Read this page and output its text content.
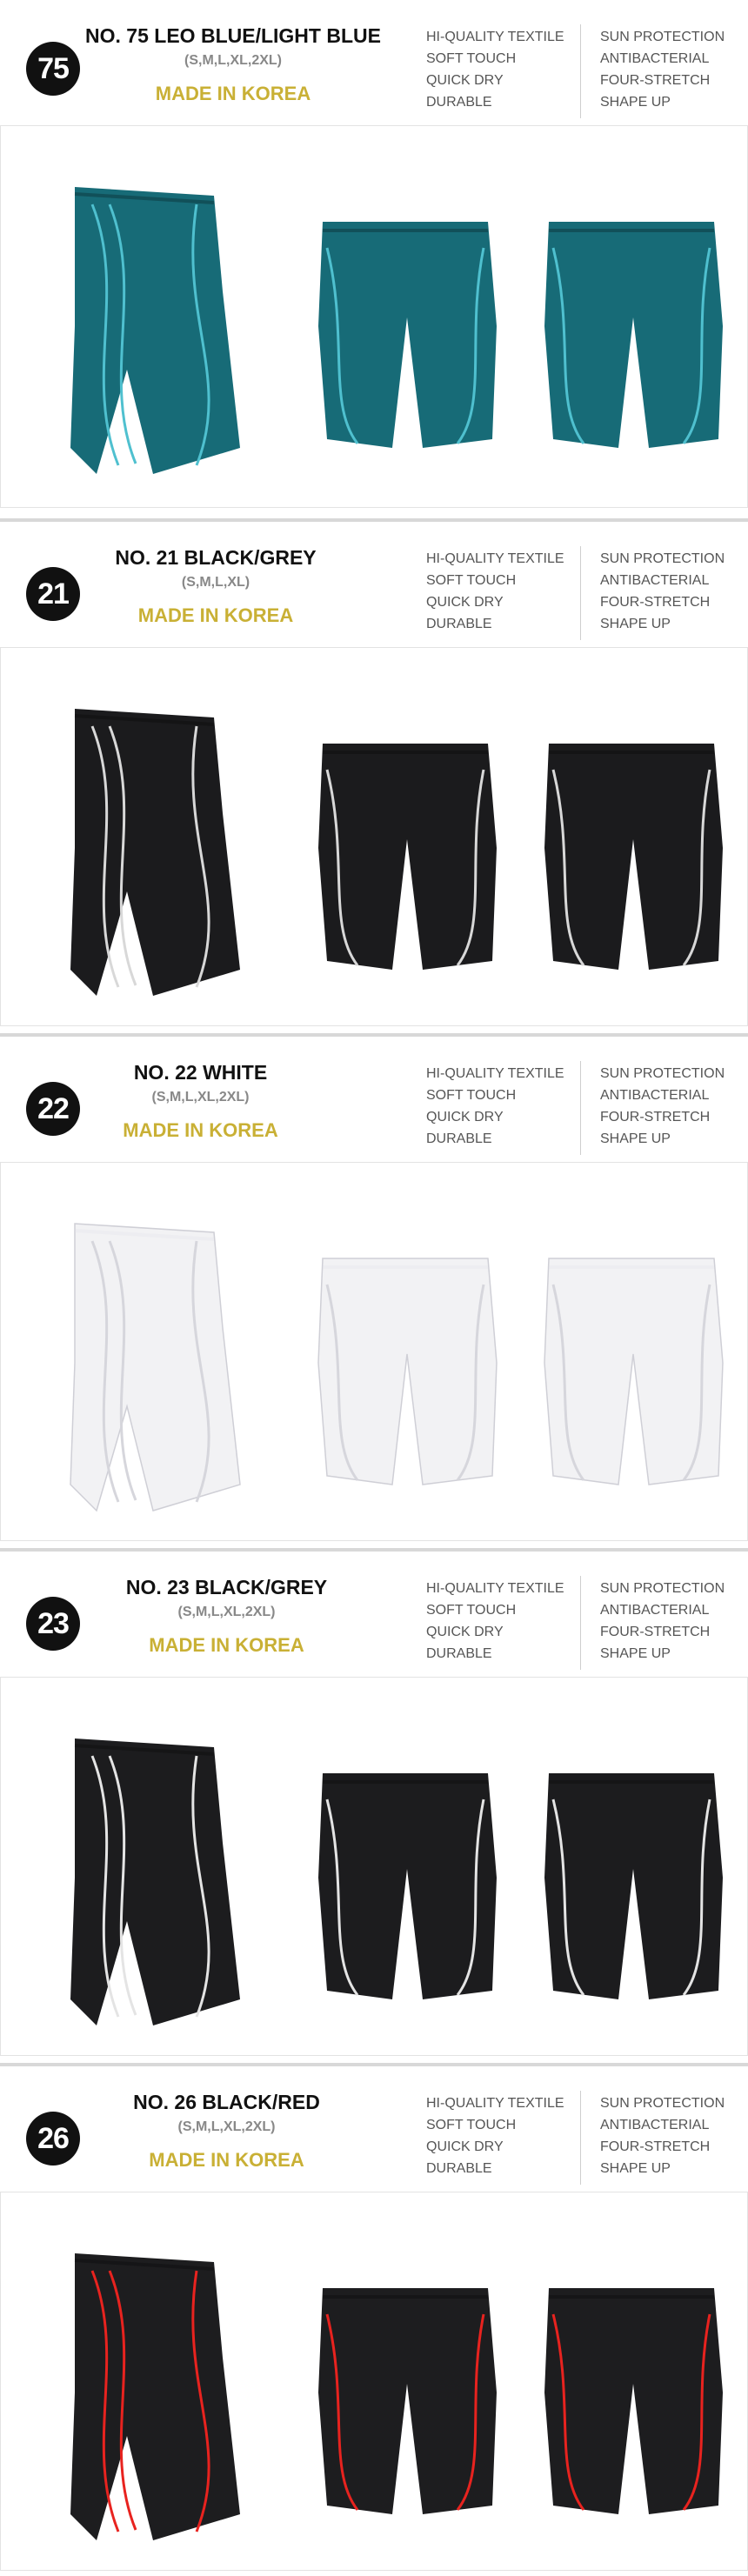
75
NO. 75 LEO BLUE/LIGHT BLUE
(S,M,L,XL,2XL)
MADE IN KOREA
HI-QUALITY TEXTILE
SOFT TOUCH
QUICK DRY
DURABLE
SUN PROTECTION
ANTIBACTERIAL
FOUR-STRETCH
SHAPE UP
21
NO. 21 BLACK/GREY
(S,M,L,XL)
MADE IN KOREA
HI-QUALITY TEXTILE
SOFT TOUCH
QUICK DRY
DURABLE
SUN PROTECTION
ANTIBACTERIAL
FOUR-STRETCH
SHAPE UP
22
NO. 22 WHITE
(S,M,L,XL,2XL)
MADE IN KOREA
HI-QUALITY TEXTILE
SOFT TOUCH
QUICK DRY
DURABLE
SUN PROTECTION
ANTIBACTERIAL
FOUR-STRETCH
SHAPE UP
23
NO. 23 BLACK/GREY
(S,M,L,XL,2XL)
MADE IN KOREA
HI-QUALITY TEXTILE
SOFT TOUCH
QUICK DRY
DURABLE
SUN PROTECTION
ANTIBACTERIAL
FOUR-STRETCH
SHAPE UP
26
NO. 26 BLACK/RED
(S,M,L,XL,2XL)
MADE IN KOREA
HI-QUALITY TEXTILE
SOFT TOUCH
QUICK DRY
DURABLE
SUN PROTECTION
ANTIBACTERIAL
FOUR-STRETCH
SHAPE UP
